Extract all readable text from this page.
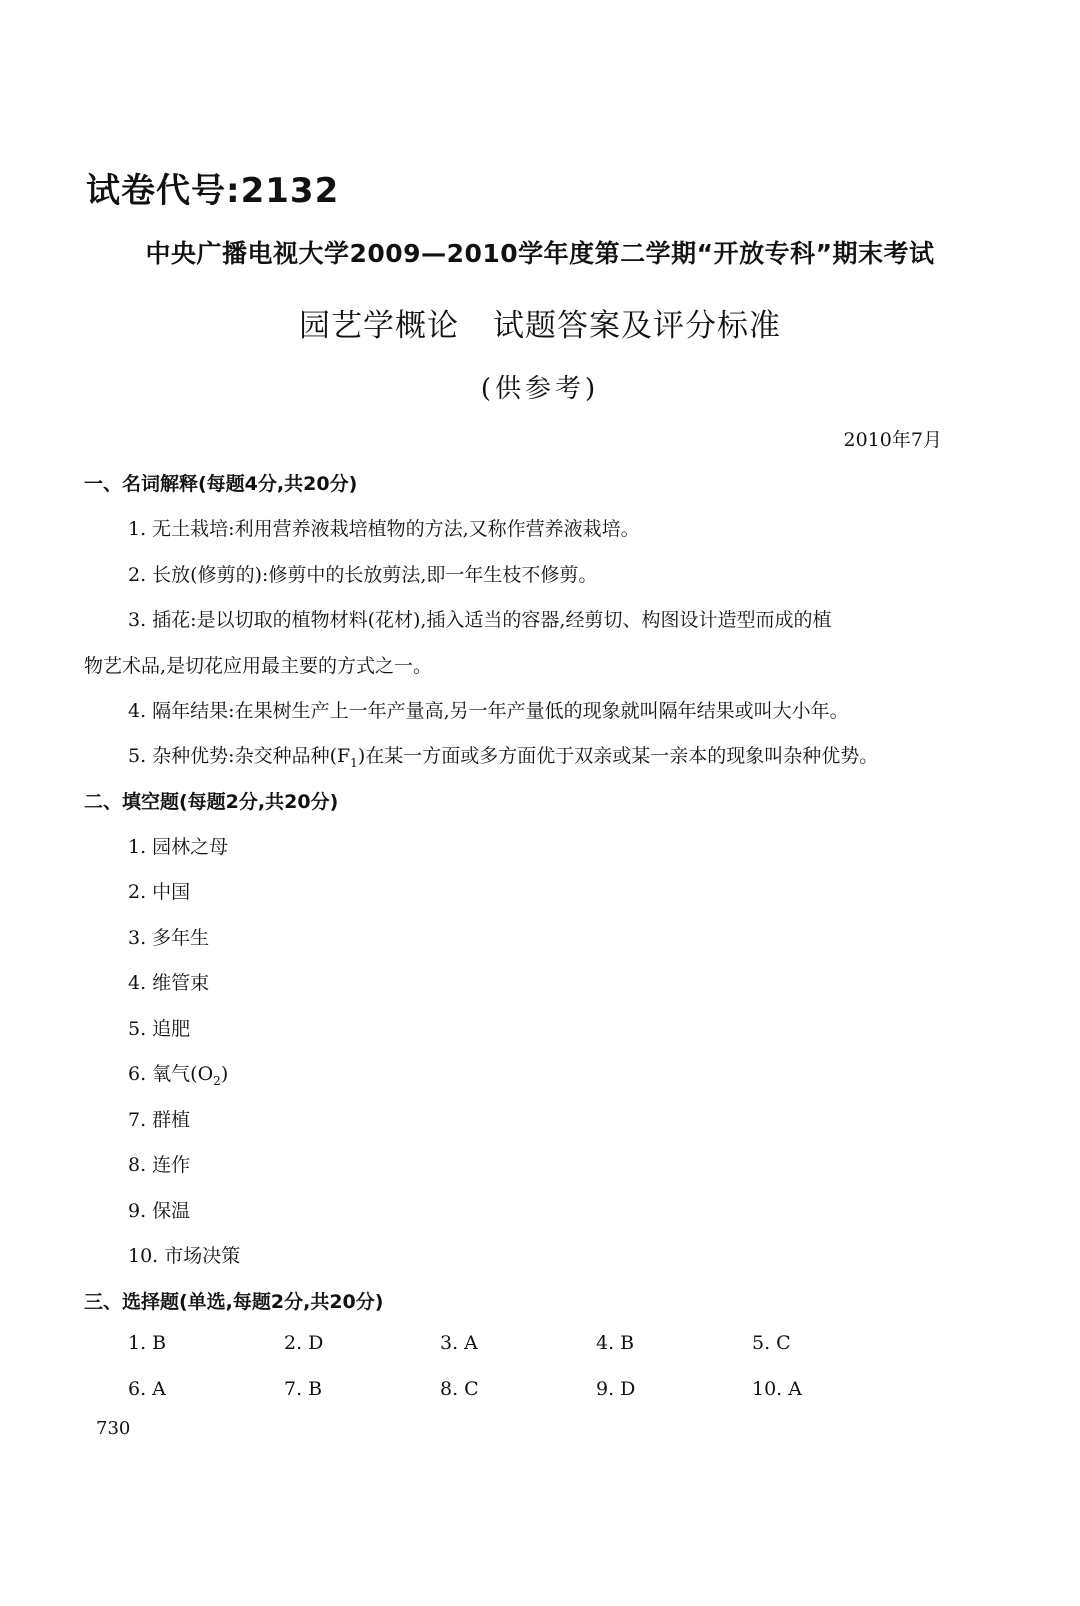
试卷代号:2132
中央广播电视大学2009—2010学年度第二学期“开放专科”期末考试
园艺学概论 试题答案及评分标准
(供参考)
2010年7月
一、名词解释(每题4分,共20分)
1. 无土栽培:利用营养液栽培植物的方法,又称作营养液栽培。
2. 长放(修剪的):修剪中的长放剪法,即一年生枝不修剪。
3. 插花:是以切取的植物材料(花材),插入适当的容器,经剪切、构图设计造型而成的植
物艺术品,是切花应用最主要的方式之一。
4. 隔年结果:在果树生产上一年产量高,另一年产量低的现象就叫隔年结果或叫大小年。
5. 杂种优势:杂交种品种$(F_1)$在某一方面或多方面优于双亲或某一亲本的现象叫杂种优势。
二、填空题(每题2分,共20分)
1. 园林之母
2. 中国
3. 多年生
4. 维管束
5. 追肥
6. 氧气$(O_2)$
7. 群植
8. 连作
9. 保温
10. 市场决策
三、选择题(单选,每题2分,共20分)
1. B	2. D	3. A	4. B	5. C
6. A	7. B	8. C	9. D	10. A
730
